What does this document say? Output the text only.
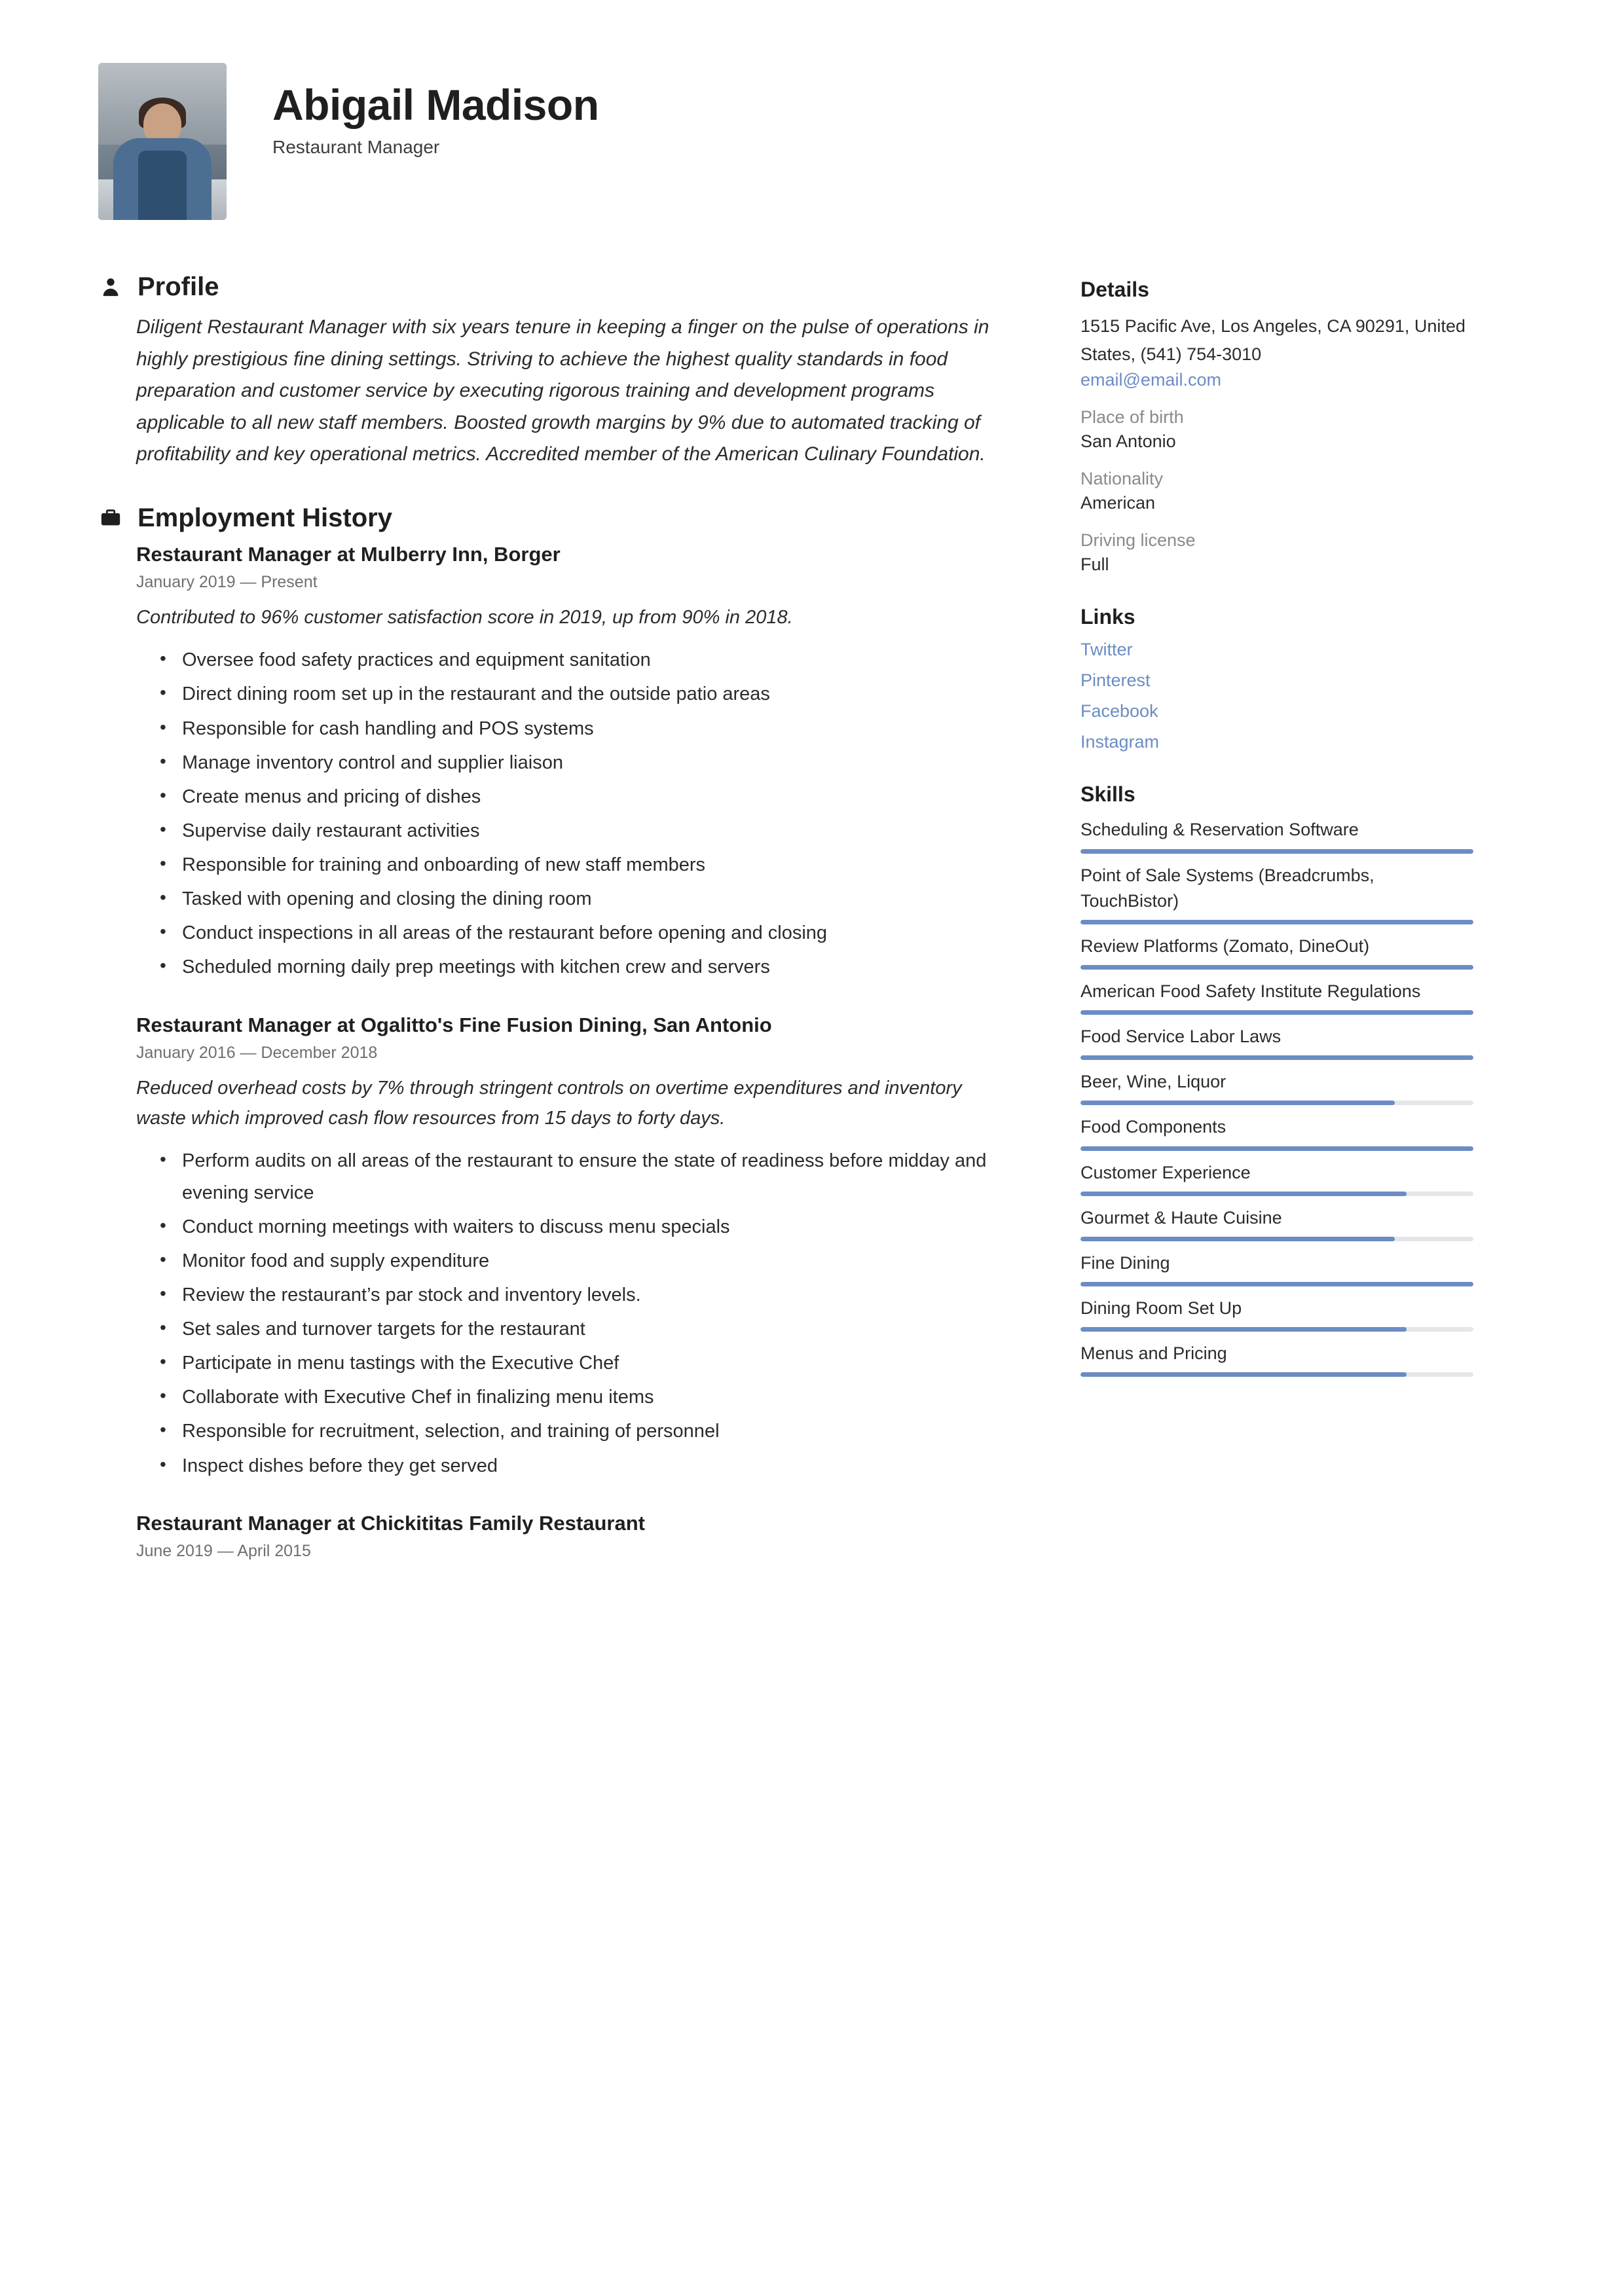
Abigail Madison
Restaurant Manager
Profile

Diligent Restaurant Manager with six years tenure in keeping a finger on the pulse of operations in highly prestigious fine dining settings. Striving to achieve the highest quality standards in food preparation and customer service by executing rigorous training and development programs applicable to all new staff members. Boosted growth margins by 9% due to automated tracking of profitability and key operational metrics. Accredited member of the American Culinary Foundation.

Employment History
Restaurant Manager at Mulberry Inn, Borger
January 2019 — Present
Contributed to 96% customer satisfaction score in 2019, up from 90% in 2018.
• Oversee food safety practices and equipment sanitation
• Direct dining room set up in the restaurant and the outside patio areas
• Responsible for cash handling and POS systems
• Manage inventory control and supplier liaison
• Create menus and pricing of dishes
• Supervise daily restaurant activities
• Responsible for training and onboarding of new staff members
• Tasked with opening and closing the dining room
• Conduct inspections in all areas of the restaurant before opening and closing
• Scheduled morning daily prep meetings with kitchen crew and servers
Restaurant Manager at Ogalitto's Fine Fusion Dining, San Antonio
January 2016 — December 2018
Reduced overhead costs by 7% through stringent controls on overtime expenditures and inventory waste which improved cash flow resources from 15 days to forty days.
• Perform audits on all areas of the restaurant to ensure the state of readiness before midday and evening service
• Conduct morning meetings with waiters to discuss menu specials
• Monitor food and supply expenditure
• Review the restaurant’s par stock and inventory levels.
• Set sales and turnover targets for the restaurant
• Participate in menu tastings with the Executive Chef
• Collaborate with Executive Chef in finalizing menu items
• Responsible for recruitment, selection, and training of personnel
• Inspect dishes before they get served
Restaurant Manager at Chickititas Family Restaurant
June 2019 — April 2015
Details

1515 Pacific Ave, Los Angeles, CA 90291, United States, (541) 754-3010

email@email.com
Place of birth
San Antonio
Nationality
American
Driving license
Full
Links
Twitter
Pinterest
Facebook
Instagram
Skills
Scheduling & Reservation Software
Point of Sale Systems (Breadcrumbs, TouchBistor)
Review Platforms (Zomato, DineOut)
American Food Safety Institute Regulations
Food Service Labor Laws
Beer, Wine, Liquor
Food Components
Customer Experience
Gourmet & Haute Cuisine
Fine Dining
Dining Room Set Up
Menus and Pricing
